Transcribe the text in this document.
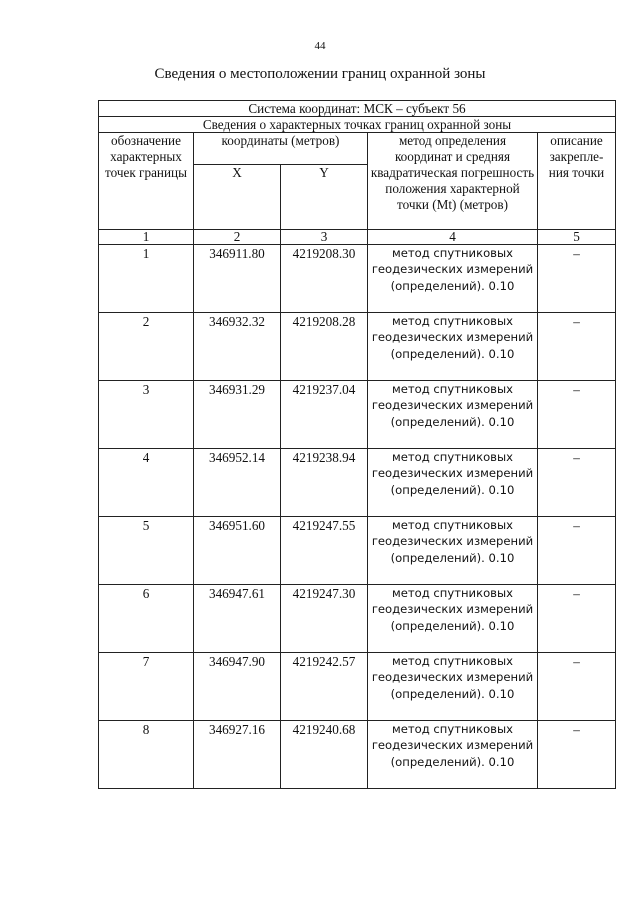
44
Сведения о местоположении границ охранной зоны
Система координат: МСК – субъект 56				
Сведения о характерных точках границ охранной зоны				
обозначение характерных точек границы	координаты (метров)		метод определения координат и средняя квадратическая погрешность положения характерной точки (Mt) (метров)	описание закрепле-ния точки
	X	Y		
1	2	3	4	5
1	346911.80	4219208.30	метод спутниковых геодезических измерений (определений). 0.10	–
2	346932.32	4219208.28	метод спутниковых геодезических измерений (определений). 0.10	–
3	346931.29	4219237.04	метод спутниковых геодезических измерений (определений). 0.10	–
4	346952.14	4219238.94	метод спутниковых геодезических измерений (определений). 0.10	–
5	346951.60	4219247.55	метод спутниковых геодезических измерений (определений). 0.10	–
6	346947.61	4219247.30	метод спутниковых геодезических измерений (определений). 0.10	–
7	346947.90	4219242.57	метод спутниковых геодезических измерений (определений). 0.10	–
8	346927.16	4219240.68	метод спутниковых геодезических измерений (определений). 0.10	–
